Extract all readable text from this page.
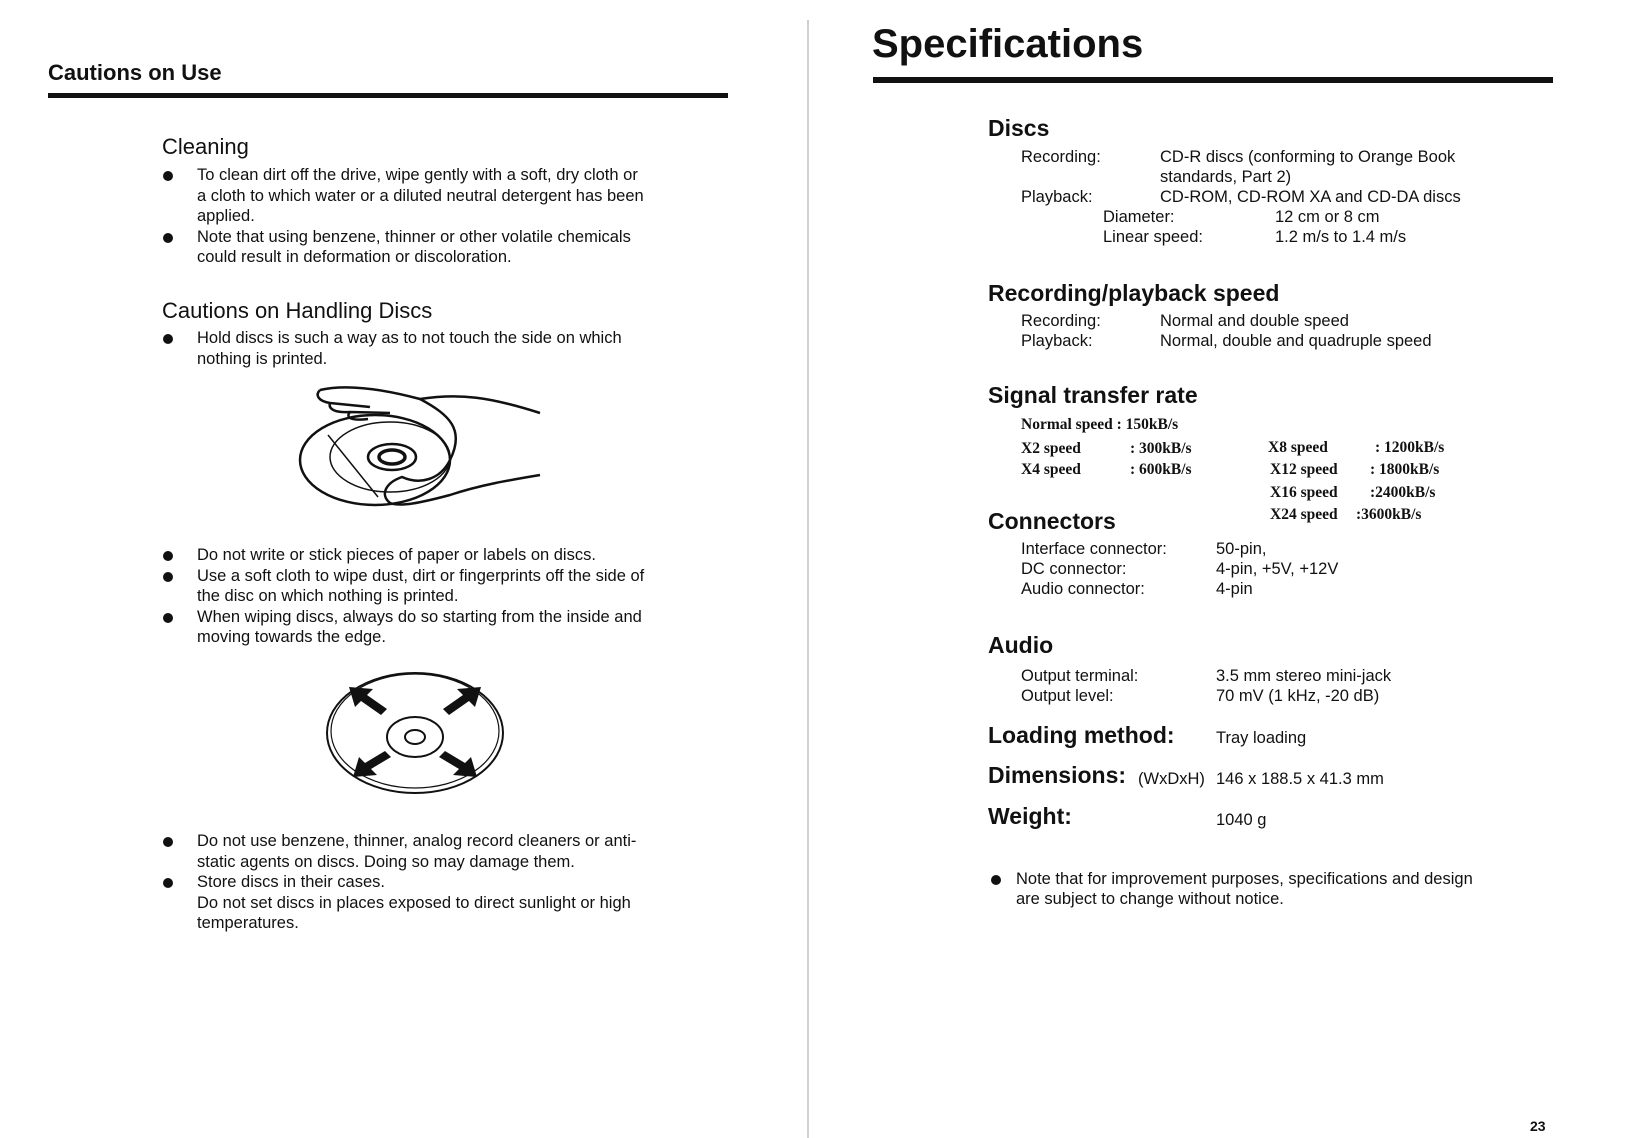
Cautions on Use
Cleaning
To clean dirt off the drive, wipe gently with a soft, dry cloth or
a cloth to which water or a diluted neutral detergent has been
applied.
Note that using benzene, thinner or other volatile chemicals
could result in deformation or discoloration.
Cautions on Handling Discs
Hold discs is such a way as to not touch the side on which
nothing is printed.
Do not write or stick pieces of paper or labels on discs.
Use a soft cloth to wipe dust, dirt or fingerprints off the side of
the disc on which nothing is printed.
When wiping discs, always do so starting from the inside and
moving towards the edge.
Do not use benzene, thinner, analog record cleaners or anti-
static agents on discs. Doing so may damage them.
Store discs in their cases.
Do not set discs in places exposed to direct sunlight or high
temperatures.
Specifications
Discs
Recording:	CD-R discs (conforming to Orange Book
standards, Part 2)
Playback:	CD-ROM, CD-ROM XA and CD-DA discs
Diameter:	12 cm or 8 cm
Linear speed:	1.2 m/s to 1.4 m/s
Recording/playback speed
Recording:	Normal and double speed
Playback:	Normal, double and quadruple speed
Signal transfer rate
Normal speed : 150kB/s
X2 speed	: 300kB/s
X4 speed	: 600kB/s
X8 speed	: 1200kB/s
X12 speed : 1800kB/s
X16 speed :2400kB/s
X24 speed :3600kB/s
Connectors
Interface connector:	50-pin,
DC connector:	4-pin, +5V, +12V
Audio connector:	4-pin
Audio
Output terminal:	3.5 mm stereo mini-jack
Output level:	70 mV (1 kHz, -20 dB)
Loading method:	Tray loading
Dimensions: (WxDxH) 146 x 188.5 x 41.3 mm
Weight:	1040 g
Note that for improvement purposes, specifications and design
are subject to change without notice.
23
